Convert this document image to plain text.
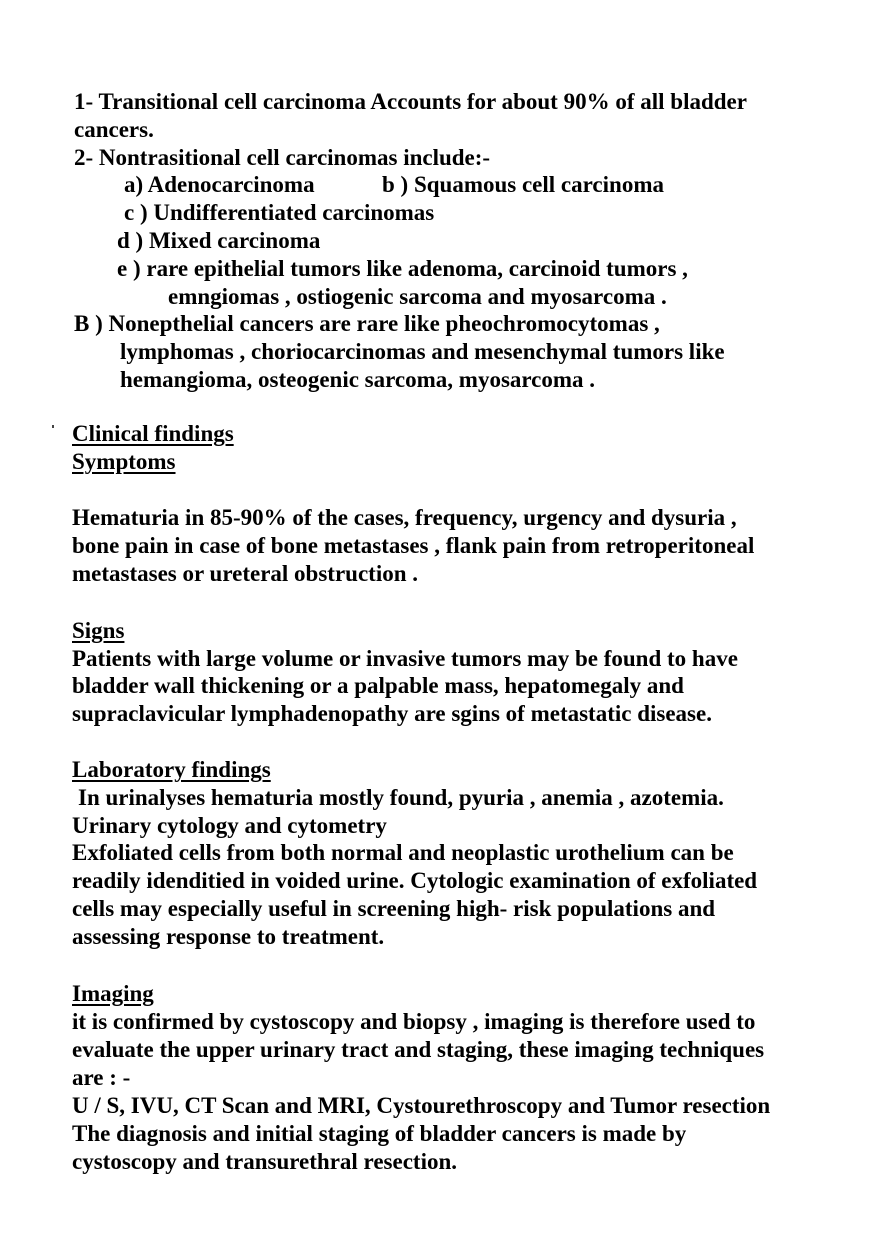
1- Transitional cell carcinoma Accounts for about 90% of all bladder

cancers.

2- Nontrasitional cell carcinomas include:-

a) Adenocarcinoma	b ) Squamous cell carcinoma

c ) Undifferentiated carcinomas

d ) Mixed carcinoma

e ) rare epithelial tumors like adenoma, carcinoid tumors ,

emngiomas , ostiogenic sarcoma and myosarcoma .

B ) Nonepthelial cancers are rare like pheochromocytomas ,

lymphomas , choriocarcinomas and mesenchymal tumors like

hemangioma, osteogenic sarcoma, myosarcoma .

Clinical findings

Symptoms

Hematuria in 85-90% of the cases, frequency, urgency and dysuria ,

bone pain in case of bone metastases , flank pain from retroperitoneal

metastases or ureteral obstruction .

Signs

Patients with large volume or invasive tumors may be found to have

bladder wall thickening or a palpable mass, hepatomegaly and

supraclavicular lymphadenopathy are sgins of metastatic disease.

Laboratory findings

In urinalyses hematuria mostly found, pyuria , anemia , azotemia.

Urinary cytology and cytometry

Exfoliated cells from both normal and neoplastic urothelium can be

readily idenditied in voided urine. Cytologic examination of exfoliated

cells may especially useful in screening high- risk populations and

assessing response to treatment.

Imaging

it is confirmed by cystoscopy and biopsy , imaging is therefore used to

evaluate the upper urinary tract and staging, these imaging techniques

are : -

U / S, IVU, CT Scan and MRI, Cystourethroscopy and Tumor resection

The diagnosis and initial staging of bladder cancers is made by

cystoscopy and transurethral resection.
